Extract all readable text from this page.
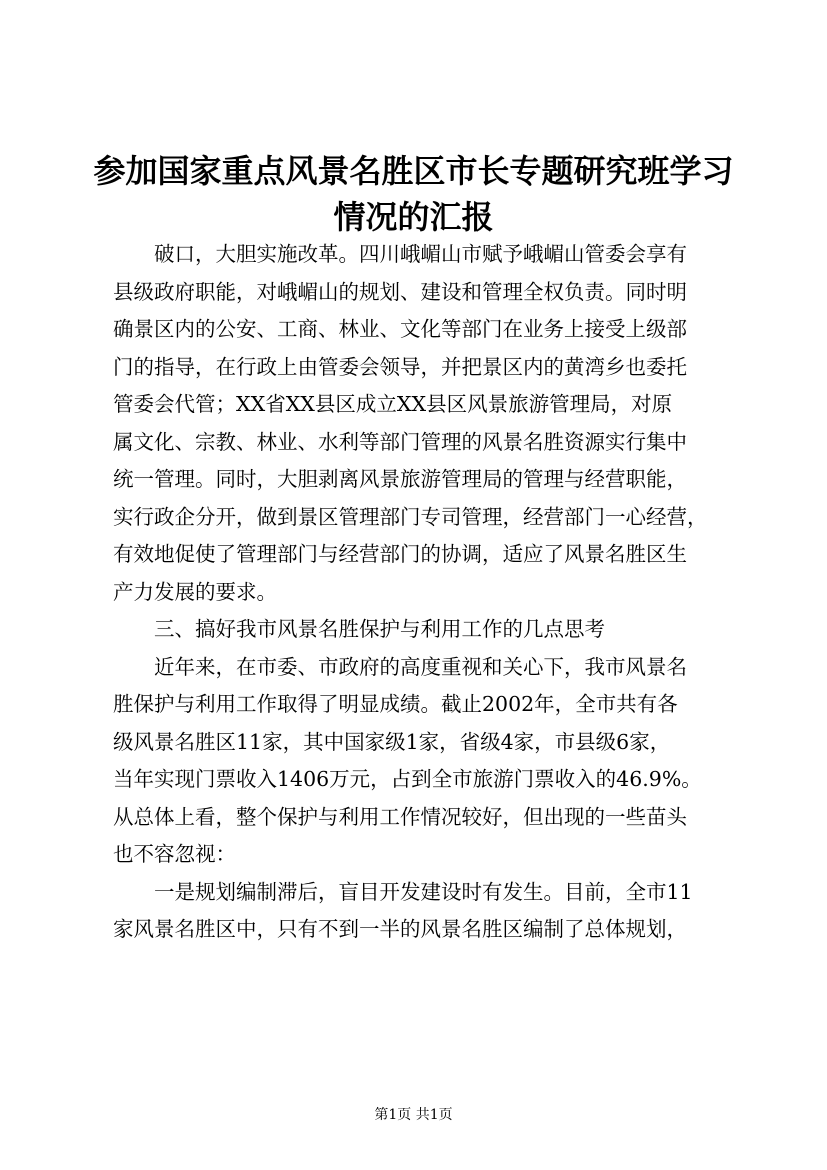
参加国家重点风景名胜区市长专题研究班学习
情况的汇报
破口，大胆实施改革。四川峨嵋山市赋予峨嵋山管委会享有
县级政府职能，对峨嵋山的规划、建设和管理全权负责。同时明
确景区内的公安、工商、林业、文化等部门在业务上接受上级部
门的指导，在行政上由管委会领导，并把景区内的黄湾乡也委托
管委会代管；XX省XX县区成立XX县区风景旅游管理局，对原
属文化、宗教、林业、水利等部门管理的风景名胜资源实行集中
统一管理。同时，大胆剥离风景旅游管理局的管理与经营职能，
实行政企分开，做到景区管理部门专司管理，经营部门一心经营，
有效地促使了管理部门与经营部门的协调，适应了风景名胜区生
产力发展的要求。
三、搞好我市风景名胜保护与利用工作的几点思考
近年来，在市委、市政府的高度重视和关心下，我市风景名
胜保护与利用工作取得了明显成绩。截止2002年，全市共有各
级风景名胜区11家，其中国家级1家，省级4家，市县级6家，
当年实现门票收入1406万元，占到全市旅游门票收入的46.9%。
从总体上看，整个保护与利用工作情况较好，但出现的一些苗头
也不容忽视：
一是规划编制滞后，盲目开发建设时有发生。目前，全市11
家风景名胜区中，只有不到一半的风景名胜区编制了总体规划，
第1页 共1页
